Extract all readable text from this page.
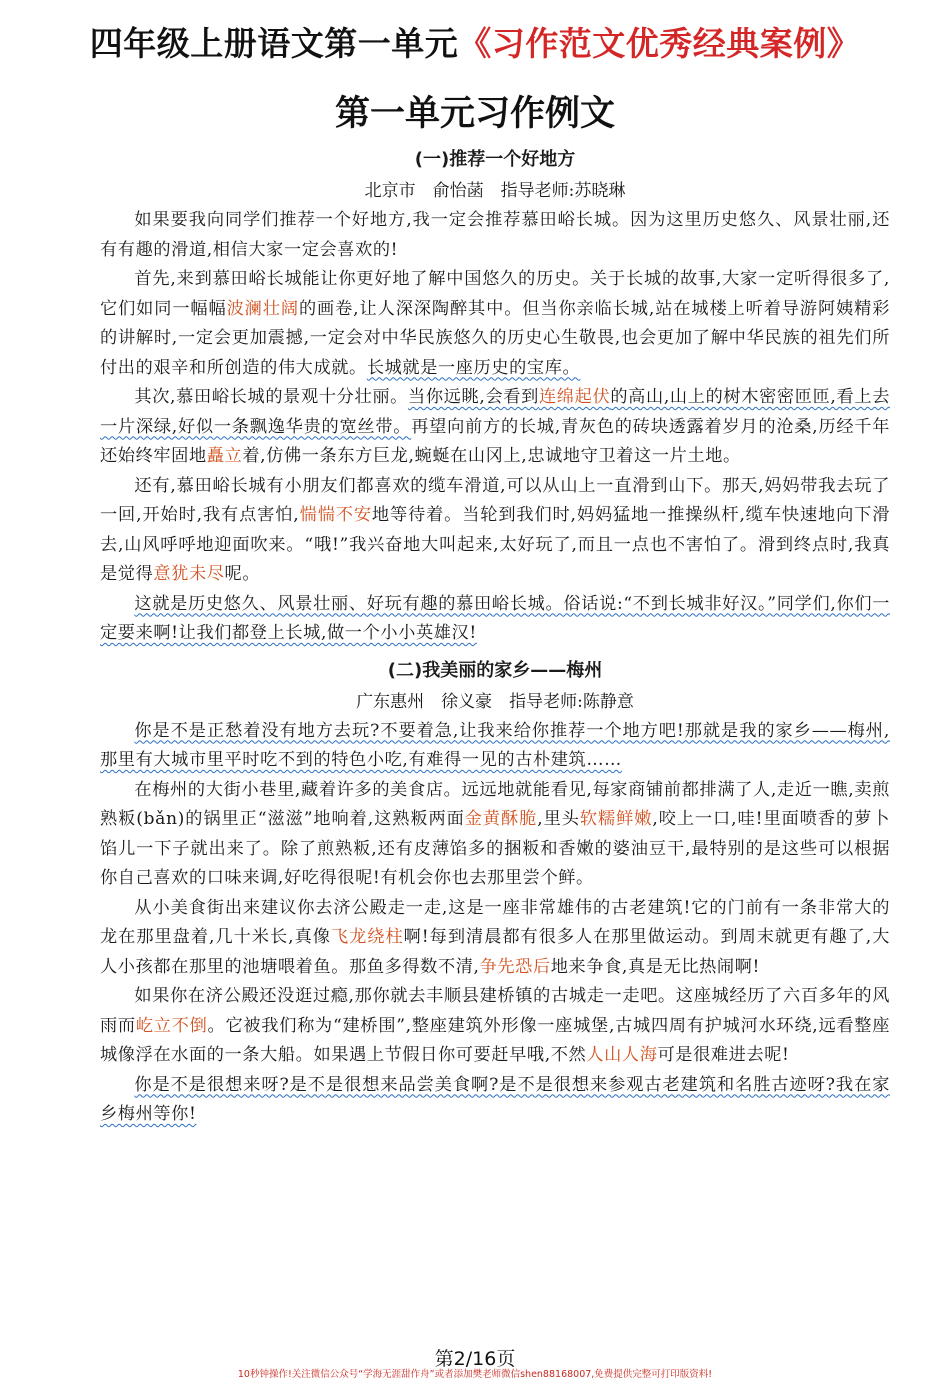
四年级上册语文第一单元《习作范文优秀经典案例》
第一单元习作例文
(一)推荐一个好地方
北京市　俞怡菡　指导老师:苏晓琳

如果要我向同学们推荐一个好地方,我一定会推荐慕田峪长城。因为这里历史悠久、风景壮丽,还有有趣的滑道,相信大家一定会喜欢的!

首先,来到慕田峪长城能让你更好地了解中国悠久的历史。关于长城的故事,大家一定听得很多了,它们如同一幅幅波澜壮阔的画卷,让人深深陶醉其中。但当你亲临长城,站在城楼上听着导游阿姨精彩的讲解时,一定会更加震撼,一定会对中华民族悠久的历史心生敬畏,也会更加了解中华民族的祖先们所付出的艰辛和所创造的伟大成就。长城就是一座历史的宝库。

其次,慕田峪长城的景观十分壮丽。当你远眺,会看到连绵起伏的高山,山上的树木密密匝匝,看上去一片深绿,好似一条飘逸华贵的宽丝带。再望向前方的长城,青灰色的砖块透露着岁月的沧桑,历经千年还始终牢固地矗立着,仿佛一条东方巨龙,蜿蜒在山冈上,忠诚地守卫着这一片土地。

还有,慕田峪长城有小朋友们都喜欢的缆车滑道,可以从山上一直滑到山下。那天,妈妈带我去玩了一回,开始时,我有点害怕,惴惴不安地等待着。当轮到我们时,妈妈猛地一推操纵杆,缆车快速地向下滑去,山风呼呼地迎面吹来。“哦!”我兴奋地大叫起来,太好玩了,而且一点也不害怕了。滑到终点时,我真是觉得意犹未尽呢。

这就是历史悠久、风景壮丽、好玩有趣的慕田峪长城。俗话说:“不到长城非好汉。”同学们,你们一定要来啊!让我们都登上长城,做一个小小英雄汉!

(二)我美丽的家乡——梅州
广东惠州　徐义豪　指导老师:陈静意

你是不是正愁着没有地方去玩?不要着急,让我来给你推荐一个地方吧!那就是我的家乡——梅州,那里有大城市里平时吃不到的特色小吃,有难得一见的古朴建筑……

在梅州的大街小巷里,藏着许多的美食店。远远地就能看见,每家商铺前都排满了人,走近一瞧,卖煎熟粄(bǎn)的锅里正“滋滋”地响着,这熟粄两面金黄酥脆,里头软糯鲜嫩,咬上一口,哇!里面喷香的萝卜馅儿一下子就出来了。除了煎熟粄,还有皮薄馅多的捆粄和香嫩的婆油豆干,最特别的是这些可以根据你自己喜欢的口味来调,好吃得很呢!有机会你也去那里尝个鲜。

从小美食街出来建议你去济公殿走一走,这是一座非常雄伟的古老建筑!它的门前有一条非常大的龙在那里盘着,几十米长,真像飞龙绕柱啊!每到清晨都有很多人在那里做运动。到周末就更有趣了,大人小孩都在那里的池塘喂着鱼。那鱼多得数不清,争先恐后地来争食,真是无比热闹啊!

如果你在济公殿还没逛过瘾,那你就去丰顺县建桥镇的古城走一走吧。这座城经历了六百多年的风雨而屹立不倒。它被我们称为“建桥围”,整座建筑外形像一座城堡,古城四周有护城河水环绕,远看整座城像浮在水面的一条大船。如果遇上节假日你可要赶早哦,不然人山人海可是很难进去呢!

你是不是很想来呀?是不是很想来品尝美食啊?是不是很想来参观古老建筑和名胜古迹呀?我在家乡梅州等你!

第2/16页
10秒钟操作!关注微信公众号“学海无涯甜作舟”或者添加樊老师微信shen88168007,免费提供完整可打印版资料!
